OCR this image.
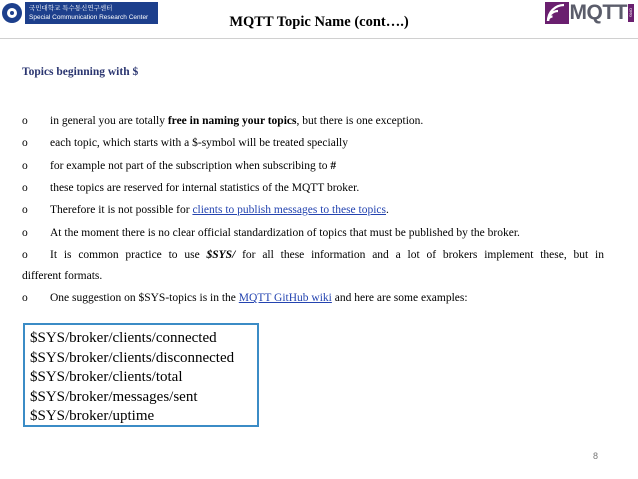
국민대학교 특수통신연구센터
Special Communication Research Center	MQTT ORG
MQTT Topic Name (cont….)
Topics beginning with $
o in general you are totally free in naming your topics, but there is one exception.
o each topic, which starts with a $-symbol will be treated specially
o for example not part of the subscription when subscribing to #
o these topics are reserved for internal statistics of the MQTT broker.
o Therefore it is not possible for clients to publish messages to these topics.
o At the moment there is no clear official standardization of topics that must be published by the broker.
o It is common practice to use $SYS/ for all these information and a lot of brokers implement these, but in
different formats.
o One suggestion on $SYS-topics is in the MQTT GitHub wiki and here are some examples:
$SYS/broker/clients/connected
$SYS/broker/clients/disconnected
$SYS/broker/clients/total
$SYS/broker/messages/sent
$SYS/broker/uptime
8
